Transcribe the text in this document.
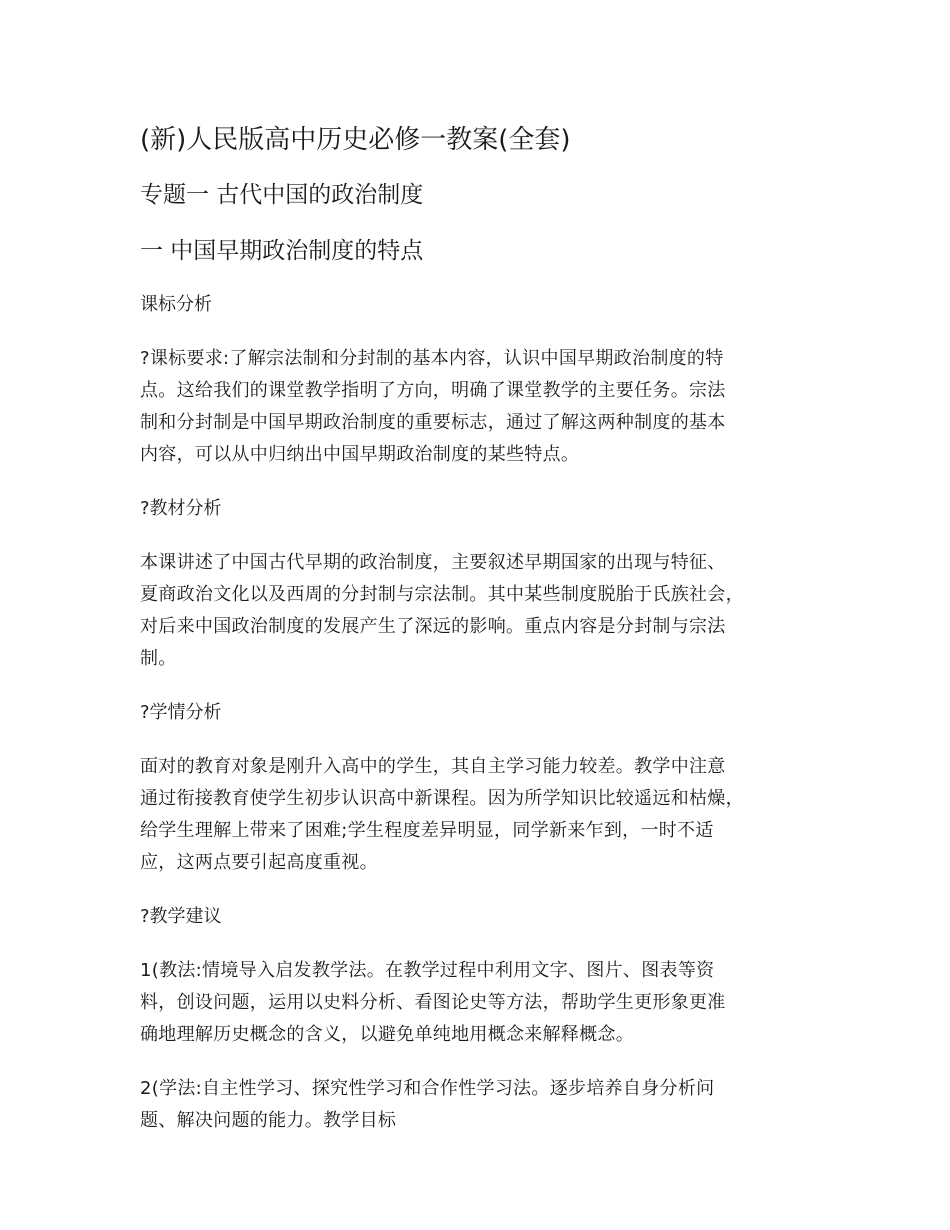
(新)人民版高中历史必修一教案(全套)
专题一 古代中国的政治制度
一 中国早期政治制度的特点
课标分析
?课标要求:了解宗法制和分封制的基本内容，认识中国早期政治制度的特
点。这给我们的课堂教学指明了方向，明确了课堂教学的主要任务。宗法
制和分封制是中国早期政治制度的重要标志，通过了解这两种制度的基本
内容，可以从中归纳出中国早期政治制度的某些特点。
?教材分析
本课讲述了中国古代早期的政治制度，主要叙述早期国家的出现与特征、
夏商政治文化以及西周的分封制与宗法制。其中某些制度脱胎于氏族社会，
对后来中国政治制度的发展产生了深远的影响。重点内容是分封制与宗法
制。
?学情分析
面对的教育对象是刚升入高中的学生，其自主学习能力较差。教学中注意
通过衔接教育使学生初步认识高中新课程。因为所学知识比较遥远和枯燥，
给学生理解上带来了困难;学生程度差异明显，同学新来乍到，一时不适
应，这两点要引起高度重视。
?教学建议
1(教法:情境导入启发教学法。在教学过程中利用文字、图片、图表等资
料，创设问题，运用以史料分析、看图论史等方法，帮助学生更形象更准
确地理解历史概念的含义，以避免单纯地用概念来解释概念。
2(学法:自主性学习、探究性学习和合作性学习法。逐步培养自身分析问
题、解决问题的能力。教学目标
